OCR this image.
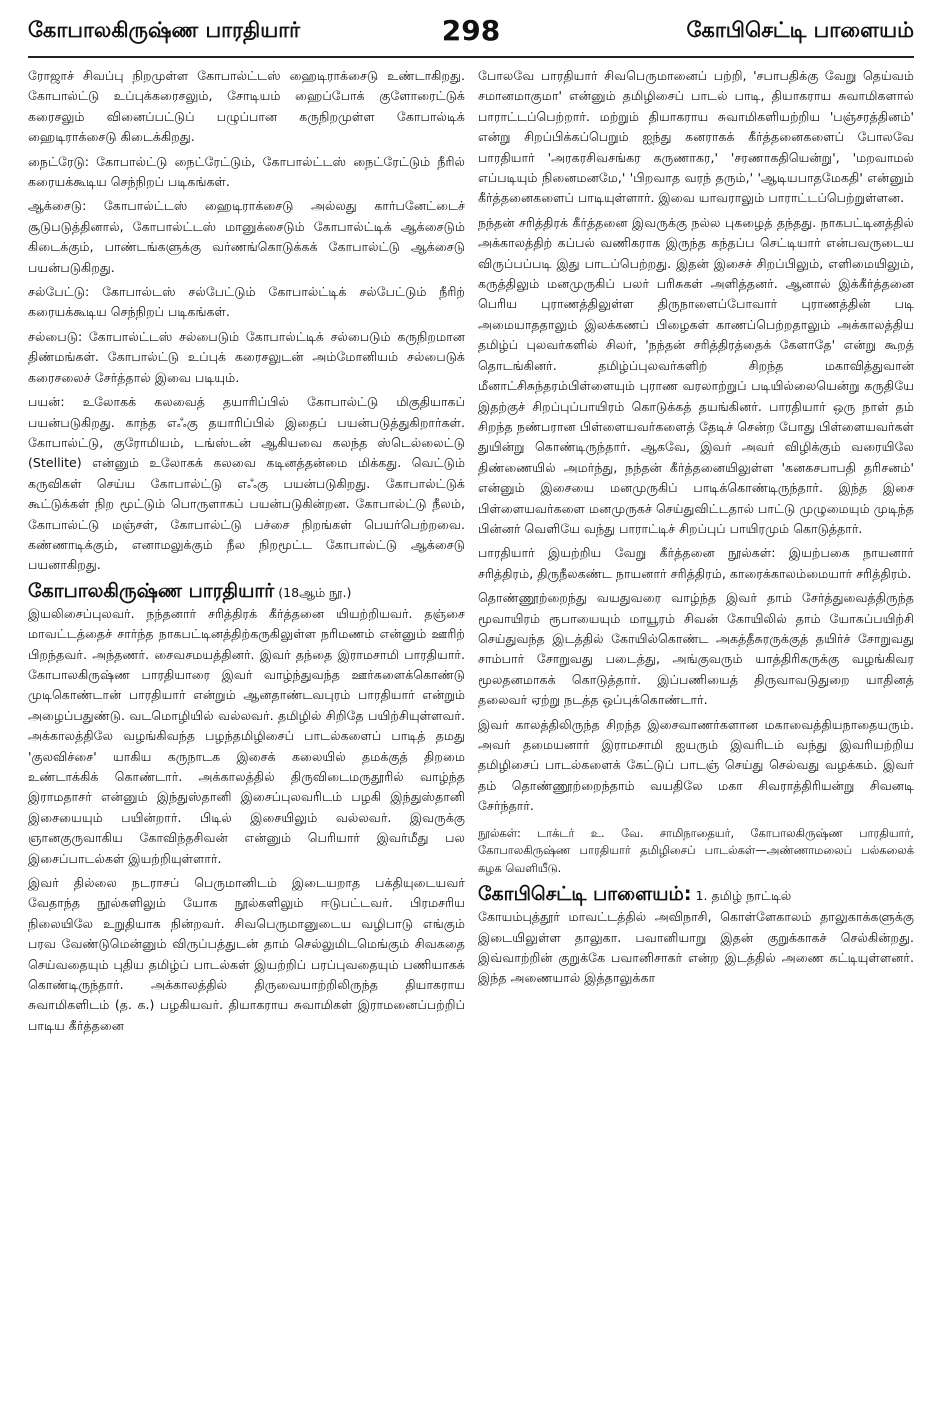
கோபாலகிருஷ்ண பாரதியார்	298	கோபிசெட்டி பாளையம்

ரோஜாச் சிவப்பு நிறமுள்ள கோபால்ட்டஸ் ஹைடிராக்சைடு உண்டாகிறது. கோபால்ட்டு உப்புக்கரைசலும், சோடியம் ஹைப்போக் குளோரைட்டுக் கரைசலும் வினைப்பட்டுப் பழுப்பான கருநிறமுள்ள கோபால்டிக் ஹைடிராக்சைடு கிடைக்கிறது.

நைட்ரேடு: கோபால்ட்டு நைட்ரேட்டும், கோபால்ட்டஸ் நைட்ரேட்டும் நீரில் கரையக்கூடிய செந்நிறப் படிகங்கள்.

ஆக்சைடு: கோபால்ட்டஸ் ஹைடிராக்சைடு அல்லது கார்பனேட்டைச் சூடுபடுத்தினால், கோபால்ட்டஸ் மானுக்சைடும் கோபால்ட்டிக் ஆக்சைடும் கிடைக்கும், பாண்டங்களுக்கு வர்ணங்கொடுக்கக் கோபால்ட்டு ஆக்சைடு பயன்படுகிறது.

சல்பேட்டு: கோபால்டஸ் சல்பேட்டும் கோபால்ட்டிக் சல்பேட்டும் நீரிற் கரையக்கூடிய செந்நிறப் படிகங்கள்.

சல்பைடு: கோபால்ட்டஸ் சல்பைடும் கோபால்ட்டிக் சல்பைடும் கருநிறமான திண்மங்கள். கோபால்ட்டு உப்புக் கரைசலுடன் அம்மோனியம் சல்பைடுக் கரைசலைச் சேர்த்தால் இவை படியும்.

பயன்: உலோகக் கலவைத் தயாரிப்பில் கோபால்ட்டு மிகுதியாகப் பயன்படுகிறது. காந்த எஃகு தயாரிப்பில் இதைப் பயன்படுத்துகிறார்கள். கோபால்ட்டு, குரோமியம், டங்ஸ்டன் ஆகியவை கலந்த ஸ்டெல்லைட்டு (Stellite) என்னும் உலோகக் கலவை கடினத்தன்மை மிக்கது. வெட்டும் கருவிகள் செய்ய கோபால்ட்டு எஃகு பயன்படுகிறது. கோபால்ட்டுக் கூட்டுக்கள் நிற மூட்டும் பொருளாகப் பயன்படுகின்றன. கோபால்ட்டு நீலம், கோபால்ட்டு மஞ்சள், கோபால்ட்டு பச்சை நிறங்கள் பெயர்பெற்றவை. கண்ணாடிக்கும், எனாமலுக்கும் நீல நிறமூட்ட கோபால்ட்டு ஆக்சைடு பயனாகிறது.

கோபாலகிருஷ்ண பாரதியார் (18ஆம் நூ.)

இயலிசைப்புலவர். நந்தனார் சரித்திரக் கீர்த்தனை யியற்றியவர். தஞ்சை மாவட்டத்தைச் சார்ந்த நாகபட்டினத்திற்கருகிலுள்ள நரிமணம் என்னும் ஊரிற் பிறந்தவர். அந்தணர். சைவசமயத்தினர். இவர் தந்தை இராமசாமி பாரதியார். கோபாலகிருஷ்ண பாரதியாரை இவர் வாழ்ந்துவந்த ஊர்களைக்கொண்டு முடிகொண்டான் பாரதியார் என்றும் ஆனதாண்டவபுரம் பாரதியார் என்றும் அழைப்பதுண்டு. வடமொழியில் வல்லவர். தமிழில் சிறிதே பயிற்சியுள்ளவர். அக்காலத்திலே வழங்கிவந்த பழந்தமிழிசைப் பாடல்களைப் பாடித் தமது 'குலவிச்சை' யாகிய கருநாடக இசைக் கலையில் தமக்குத் திறமை உண்டாக்கிக் கொண்டார். அக்காலத்தில் திருவிடைமருதூரில் வாழ்ந்த இராமதாசர் என்னும் இந்துஸ்தானி இசைப்புலவரிடம் பழகி இந்துஸ்தானி இசையையும் பயின்றார். பிடில் இசையிலும் வல்லவர். இவருக்கு ஞானகுருவாகிய கோவிந்தசிவன் என்னும் பெரியார் இவர்மீது பல இசைப்பாடல்கள் இயற்றியுள்ளார்.

இவர் தில்லை நடராசப் பெருமானிடம் இடையறாத பக்தியுடையவர் வேதாந்த நூல்களிலும் யோக நூல்களிலும் ஈடுபட்டவர். பிரமசரிய நிலையிலே உறுதியாக நின்றவர். சிவபெருமானுடைய வழிபாடு எங்கும் பரவ வேண்டுமென்னும் விருப்பத்துடன் தாம் செல்லுமிடமெங்கும் சிவகதை செய்வதையும் புதிய தமிழ்ப் பாடல்கள் இயற்றிப் பரப்புவதையும் பணியாகக் கொண்டிருந்தார். அக்காலத்தில் திருவையாற்றிலிருந்த தியாகராய சுவாமிகளிடம் (த. க.) பழகியவர். தியாகராய சுவாமிகள் இராமனைப்பற்றிப் பாடிய கீர்த்தனை

போலவே பாரதியார் சிவபெருமானைப் பற்றி, 'சபாபதிக்கு வேறு தெய்வம் சமானமாகுமா' என்னும் தமிழிசைப் பாடல் பாடி, தியாகராய சுவாமிகளால் பாராட்டப்பெற்றார். மற்றும் தியாகராய சுவாமிகளியற்றிய 'பஞ்சரத்தினம்' என்று சிறப்பிக்கப்பெறும் ஐந்து கனராகக் கீர்த்தனைகளைப் போலவே பாரதியார் 'அரகரசிவசங்கர கருணாகர,' 'சரணாகதியென்று', 'மறவாமல் எப்படியும் நினைமனமே,' 'பிறவாத வரந் தரும்,' 'ஆடியபாதமேகதி' என்னும் கீர்த்தனைகளைப் பாடியுள்ளார். இவை யாவராலும் பாராட்டப்பெற்றுள்ளன.

நந்தன் சரித்திரக் கீர்த்தனை இவருக்கு நல்ல புகழைத் தந்தது. நாகபட்டினத்தில் அக்காலத்திற் கப்பல் வணிகராக இருந்த கந்தப்ப செட்டியார் என்பவருடைய விருப்பப்படி இது பாடப்பெற்றது. இதன் இசைச் சிறப்பிலும், எளிமையிலும், கருத்திலும் மனமுருகிப் பலர் பரிசுகள் அளித்தனர். ஆனால் இக்கீர்த்தனை பெரிய புராணத்திலுள்ள திருநாளைப்போவார் புராணத்தின் படி அமையாததாலும் இலக்கணப் பிழைகள் காணப்பெற்றதாலும் அக்காலத்திய தமிழ்ப் புலவர்களில் சிலர், 'நந்தன் சரித்திரத்தைக் கேளாதே' என்று கூறத் தொடங்கினர். தமிழ்ப்புலவர்களிற் சிறந்த மகாவித்துவான் மீனாட்சிசுந்தரம்பிள்ளையும் புராண வரலாற்றுப் படியில்லையென்று கருதியே இதற்குச் சிறப்புப்பாயிரம் கொடுக்கத் தயங்கினர். பாரதியார் ஒரு நாள் தம் சிறந்த நண்பரான பிள்ளையவர்களைத் தேடிச் சென்ற போது பிள்ளையவர்கள் துயின்று கொண்டிருந்தார். ஆகவே, இவர் அவர் விழிக்கும் வரையிலே திண்ணையில் அமர்ந்து, நந்தன் கீர்த்தனையிலுள்ள 'கனகசபாபதி தரிசனம்' என்னும் இசையை மனமுருகிப் பாடிக்கொண்டிருந்தார். இந்த இசை பிள்ளையவர்களை மனமுருகச் செய்துவிட்டதால் பாட்டு முழுமையும் முடிந்த பின்னர் வெளியே வந்து பாராட்டிச் சிறப்புப் பாயிரமும் கொடுத்தார்.

பாரதியார் இயற்றிய வேறு கீர்த்தனை நூல்கள்: இயற்பகை நாயனார் சரித்திரம், திருநீலகண்ட நாயனார் சரித்திரம், காரைக்காலம்மையார் சரித்திரம்.

தொண்ணூற்றைந்து வயதுவரை வாழ்ந்த இவர் தாம் சேர்த்துவைத்திருந்த மூவாயிரம் ரூபாயையும் மாயூரம் சிவன் கோயிலில் தாம் யோகப்பயிற்சி செய்துவந்த இடத்தில் கோயில்கொண்ட அகத்தீசுரருக்குத் தயிர்ச் சோறுவது சாம்பார் சோறுவது படைத்து, அங்குவரும் யாத்திரிகருக்கு வழங்கிவர மூலதனமாகக் கொடுத்தார். இப்பணியைத் திருவாவடுதுறை யாதினத் தலைவர் ஏற்று நடத்த ஒப்புக்கொண்டார்.

இவர் காலத்திலிருந்த சிறந்த இசைவாணர்களான மகாவைத்தியநாதையரும். அவர் தமையனார் இராமசாமி ஐயரும் இவரிடம் வந்து இவரியற்றிய தமிழிசைப் பாடல்களைக் கேட்டுப் பாடஞ் செய்து செல்வது வழக்கம். இவர் தம் தொண்ணூற்றைந்தாம் வயதிலே மகா சிவராத்திரியன்று சிவனடி சேர்ந்தார்.

நூல்கள்: டாக்டர் உ. வே. சாமிநாதையர், கோபாலகிருஷ்ண பாரதியார், கோபாலகிருஷ்ண பாரதியார் தமிழிசைப் பாடல்கள்—அண்ணாமலைப் பல்கலைக் கழக வெளியீடு.

கோபிசெட்டி பாளையம்: 1. தமிழ் நாட்டில்

கோயம்புத்தூர் மாவட்டத்தில் அவிநாசி, கொள்ளேகாலம் தாலுகாக்களுக்கு இடையிலுள்ள தாலுகா. பவானியாறு இதன் குறுக்காகச் செல்கின்றது. இவ்வாற்றின் குறுக்கே பவானிசாகர் என்ற இடத்தில் அணை கட்டியுள்ளனர். இந்த அணையால் இத்தாலுக்கா
